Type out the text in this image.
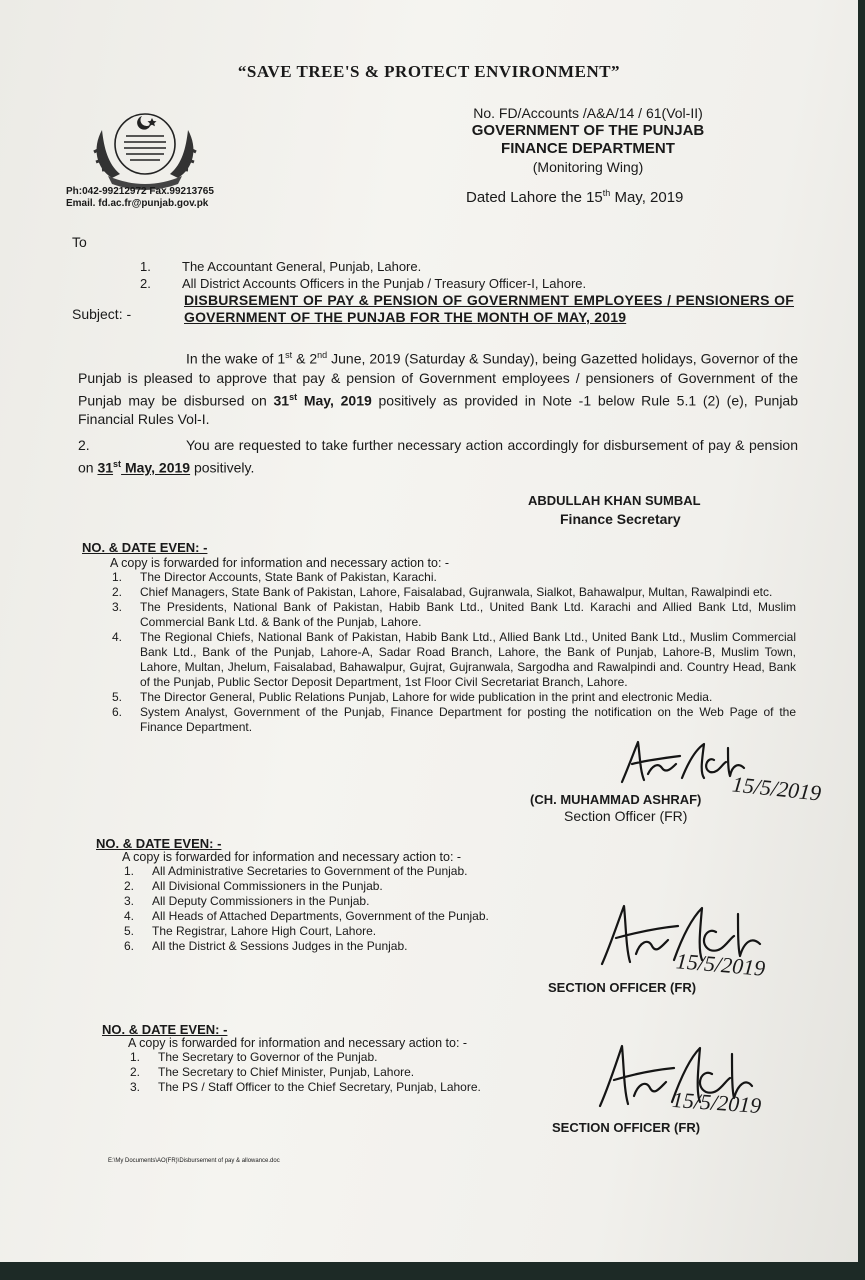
“SAVE TREE'S & PROTECT ENVIRONMENT”
Ph:042-99212972 Fax.99213765
Email. fd.ac.fr@punjab.gov.pk
No. FD/Accounts /A&A/14 / 61(Vol-II)
GOVERNMENT OF THE PUNJAB
FINANCE DEPARTMENT
(Monitoring Wing)
Dated Lahore the 15th May, 2019
To
1. The Accountant General, Punjab, Lahore.
2. All District Accounts Officers in the Punjab / Treasury Officer-I, Lahore.
Subject: -
DISBURSEMENT OF PAY & PENSION OF GOVERNMENT EMPLOYEES / PENSIONERS OF GOVERNMENT OF THE PUNJAB FOR THE MONTH OF MAY, 2019
In the wake of 1st & 2nd June, 2019 (Saturday & Sunday), being Gazetted holidays, Governor of the Punjab is pleased to approve that pay & pension of Government employees / pensioners of Government of the Punjab may be disbursed on 31st May, 2019 positively as provided in Note -1 below Rule 5.1 (2) (e), Punjab Financial Rules Vol-I.
2.	You are requested to take further necessary action accordingly for disbursement of pay & pension on 31st May, 2019 positively.
ABDULLAH KHAN SUMBAL
Finance Secretary
NO. & DATE EVEN: -
A copy is forwarded for information and necessary action to: -
1. The Director Accounts, State Bank of Pakistan, Karachi.
2. Chief Managers, State Bank of Pakistan, Lahore, Faisalabad, Gujranwala, Sialkot, Bahawalpur, Multan, Rawalpindi etc.
3. The Presidents, National Bank of Pakistan, Habib Bank Ltd., United Bank Ltd. Karachi and Allied Bank Ltd, Muslim Commercial Bank Ltd. & Bank of the Punjab, Lahore.
4. The Regional Chiefs, National Bank of Pakistan, Habib Bank Ltd., Allied Bank Ltd., United Bank Ltd., Muslim Commercial Bank Ltd., Bank of the Punjab, Lahore-A, Sadar Road Branch, Lahore, the Bank of Punjab, Lahore-B, Muslim Town, Lahore, Multan, Jhelum, Faisalabad, Bahawalpur, Gujrat, Gujranwala, Sargodha and Rawalpindi and. Country Head, Bank of the Punjab, Public Sector Deposit Department, 1st Floor Civil Secretariat Branch, Lahore.
5. The Director General, Public Relations Punjab, Lahore for wide publication in the print and electronic Media.
6. System Analyst, Government of the Punjab, Finance Department for posting the notification on the Web Page of the Finance Department.
15/5/2019
(CH. MUHAMMAD ASHRAF)
Section Officer (FR)
NO. & DATE EVEN: -
A copy is forwarded for information and necessary action to: -
1. All Administrative Secretaries to Government of the Punjab.
2. All Divisional Commissioners in the Punjab.
3. All Deputy Commissioners in the Punjab.
4. All Heads of Attached Departments, Government of the Punjab.
5. The Registrar, Lahore High Court, Lahore.
6. All the District & Sessions Judges in the Punjab.
15/5/2019
SECTION OFFICER (FR)
NO. & DATE EVEN: -
A copy is forwarded for information and necessary action to: -
1. The Secretary to Governor of the Punjab.
2. The Secretary to Chief Minister, Punjab, Lahore.
3. The PS / Staff Officer to the Chief Secretary, Punjab, Lahore.	15/5/2019
SECTION OFFICER (FR)
E:\My Documents\AO(FR)\Disbursement of pay & allowance.doc
